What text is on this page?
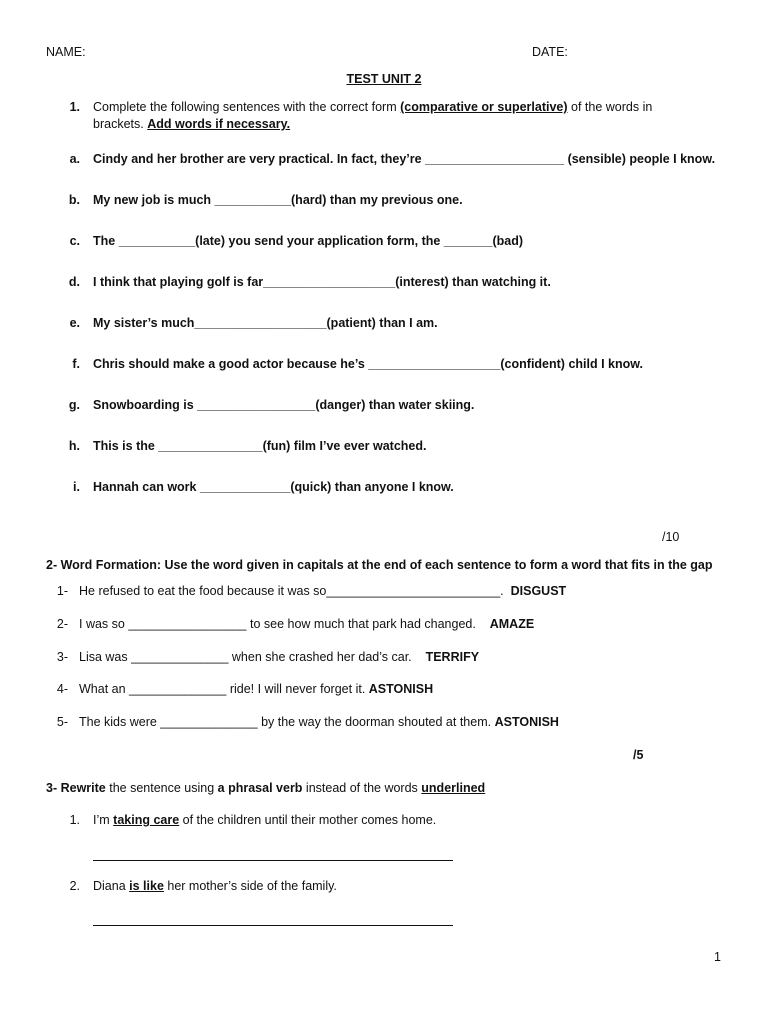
NAME:	DATE:
TEST UNIT 2
1. Complete the following sentences with the correct form (comparative or superlative) of the words in
brackets. Add words if necessary.
a. Cindy and her brother are very practical. In fact, they’re ____________________ (sensible) people I know.
b. My new job is much ___________(hard) than my previous one.
c. The ___________(late) you send your application form, the _______(bad)
d. I think that playing golf is far___________________(interest) than watching it.
e. My sister’s much___________________(patient) than I am.
f. Chris should make a good actor because he’s ___________________(confident) child I know.
g. Snowboarding is _________________(danger) than water skiing.
h. This is the _______________(fun) film I’ve ever watched.
i. Hannah can work _____________(quick) than anyone I know.
/10
2- Word Formation: Use the word given in capitals at the end of each sentence to form a word that fits in the gap
1- He refused to eat the food because it was so_________________________. DISGUST
2- I was so _________________ to see how much that park had changed. AMAZE
3- Lisa was ______________ when she crashed her dad’s car. TERRIFY
4- What an ______________ ride! I will never forget it. ASTONISH
5- The kids were ______________ by the way the doorman shouted at them. ASTONISH
/5
3- Rewrite the sentence using a phrasal verb instead of the words underlined
1. I’m taking care of the children until their mother comes home.
2. Diana is like her mother’s side of the family.
1
